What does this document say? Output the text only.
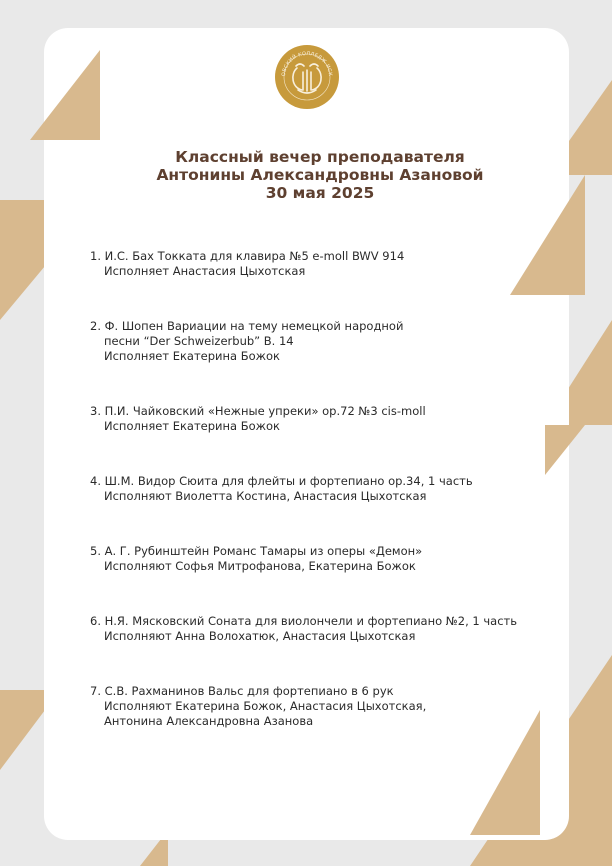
ОВСКИЙ КОЛЛЕДЖ ИСК
Классный вечер преподавателя
Антонины Александровны Азановой
30 мая 2025
1. И.С. Бах Токката для клавира №5 e-moll BWV 914
Исполняет Анастасия Цыхотская
2. Ф. Шопен Вариации на тему немецкой народной
песни “Der Schweizerbub” В. 14
Исполняет Екатерина Божок
3. П.И. Чайковский «Нежные упреки» ор.72 №3 cis-moll
Исполняет Екатерина Божок
4. Ш.М. Видор Сюита для флейты и фортепиано ор.34, 1 часть
Исполняют Виолетта Костина, Анастасия Цыхотская
5. А. Г. Рубинштейн Романс Тамары из оперы «Демон»
Исполняют Софья Митрофанова, Екатерина Божок
6. Н.Я. Мясковский Соната для виолончели и фортепиано №2, 1 часть
Исполняют Анна Волохатюк, Анастасия Цыхотская
7. С.В. Рахманинов Вальс для фортепиано в 6 рук
Исполняют Екатерина Божок, Анастасия Цыхотская,
Антонина Александровна Азанова
